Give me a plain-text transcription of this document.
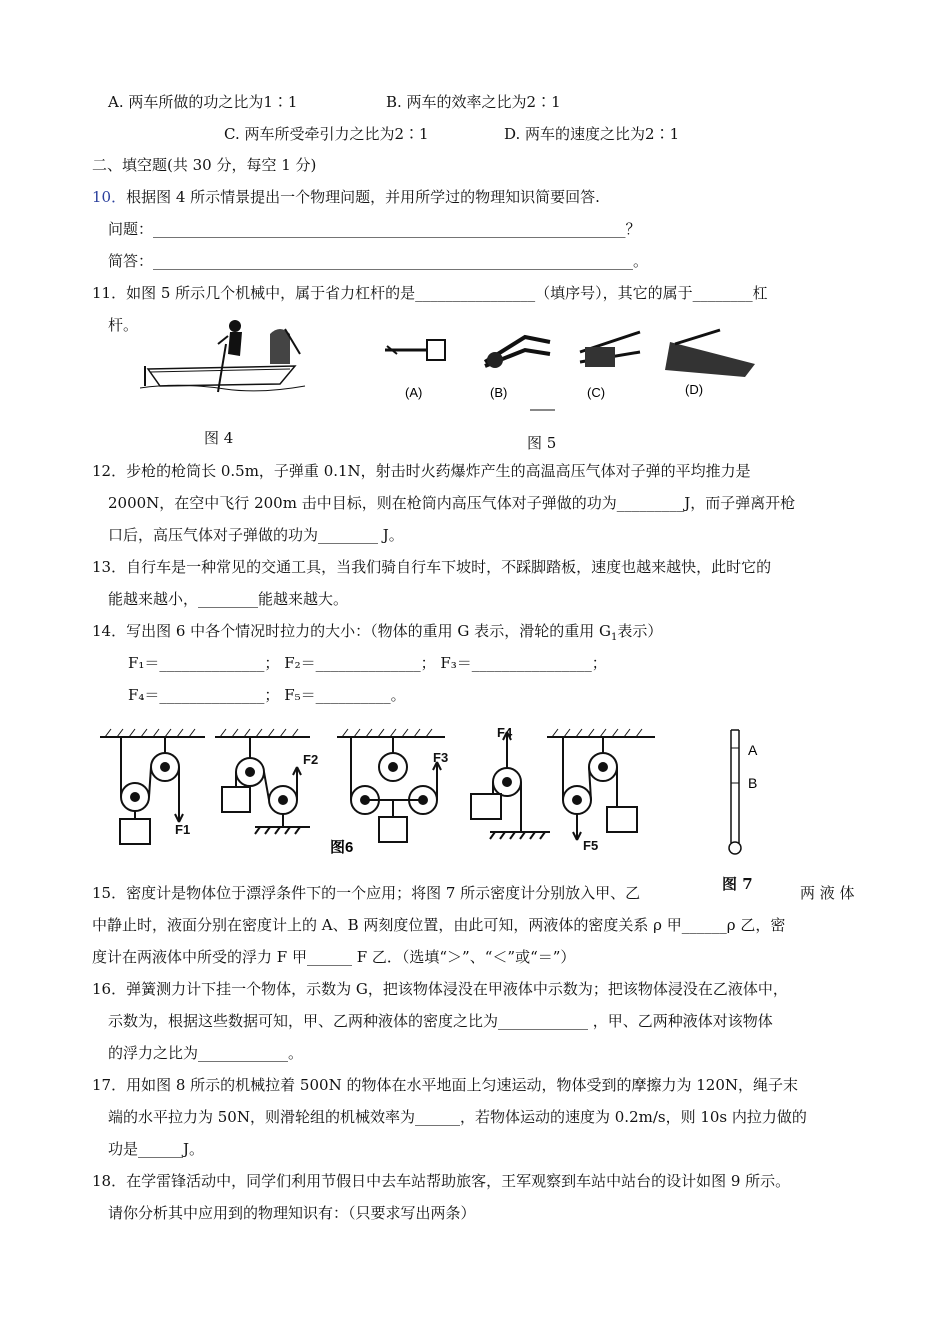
A. 两车所做的功之比为1∶1	B. 两车的效率之比为2∶1
C. 两车所受牵引力之比为2∶1	D. 两车的速度之比为2∶1
二、填空题(共 30 分，每空 1 分)
10．根据图 4 所示情景提出一个物理问题，并用所学过的物理知识简要回答.
问题：_______________________________________________________________？
简答：________________________________________________________________。
11．如图 5 所示几个机械中，属于省力杠杆的是________________（填序号），其它的属于________杠
杆。
图 4
(A)	(B)	(C)	(D)
图 5
12．步枪的枪筒长 0.5m，子弹重 0.1N，射击时火药爆炸产生的高温高压气体对子弹的平均推力是
2000N，在空中飞行 200m 击中目标，则在枪筒内高压气体对子弹做的功为_________J，而子弹离开枪
口后，高压气体对子弹做的功为________ J。
13．自行车是一种常见的交通工具，当我们骑自行车下坡时，不踩脚踏板，速度也越来越快，此时它的
能越来越小，________能越来越大。
14．写出图 6 中各个情况时拉力的大小：（物体的重用 G 表示，滑轮的重用 $G_1$表示）
F₁＝______________； F₂＝______________； F₃＝________________；
F₄＝______________； F₅＝__________。
F1
F2	F3
F4
F5
图6
A
B
图 7
15．密度计是物体位于漂浮条件下的一个应用；将图 7 所示密度计分别放入甲、乙	两 液 体
中静止时，液面分别在密度计上的 A、B 两刻度位置，由此可知，两液体的密度关系 ρ 甲______ρ 乙，密
度计在两液体中所受的浮力 F 甲______ F 乙．（选填“＞”、“＜”或“＝”）
16．弹簧测力计下挂一个物体，示数为 G，把该物体浸没在甲液体中示数为；把该物体浸没在乙液体中，
示数为，根据这些数据可知，甲、乙两种液体的密度之比为____________ ，甲、乙两种液体对该物体
的浮力之比为____________。
17．用如图 8 所示的机械拉着 500N 的物体在水平地面上匀速运动，物体受到的摩擦力为 120N，绳子末
端的水平拉力为 50N，则滑轮组的机械效率为______，若物体运动的速度为 0.2m/s，则 10s 内拉力做的
功是______J。
18．在学雷锋活动中，同学们利用节假日中去车站帮助旅客，王军观察到车站中站台的设计如图 9 所示。
请你分析其中应用到的物理知识有：（只要求写出两条）
